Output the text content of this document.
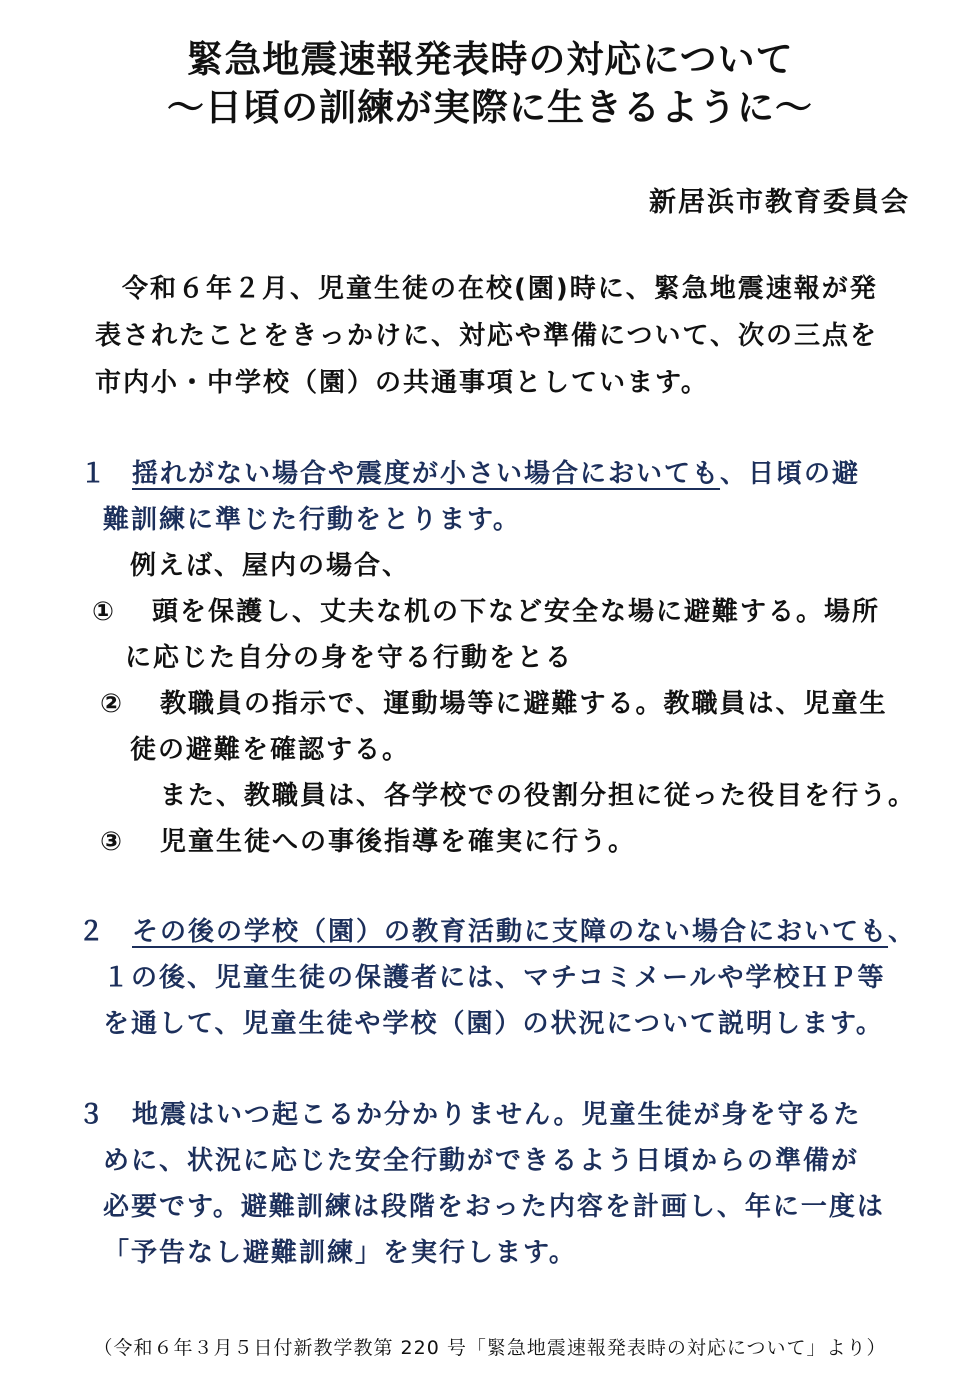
緊急地震速報発表時の対応について
～日頃の訓練が実際に生きるように～
新居浜市教育委員会
令和６年２月、児童生徒の在校(園)時に、緊急地震速報が発
表されたことをきっかけに、対応や準備について、次の三点を
市内小・中学校（園）の共通事項としています。
１ 揺れがない場合や震度が小さい場合においても、日頃の避
難訓練に準じた行動をとります。
例えば、屋内の場合、
① 頭を保護し、丈夫な机の下など安全な場に避難する。場所
に応じた自分の身を守る行動をとる
② 教職員の指示で、運動場等に避難する。教職員は、児童生
徒の避難を確認する。
また、教職員は、各学校での役割分担に従った役目を行う。
③ 児童生徒への事後指導を確実に行う。
２ その後の学校（園）の教育活動に支障のない場合においても、
１の後、児童生徒の保護者には、マチコミメールや学校ＨＰ等
を通して、児童生徒や学校（園）の状況について説明します。
３ 地震はいつ起こるか分かりません。児童生徒が身を守るた
めに、状況に応じた安全行動ができるよう日頃からの準備が
必要です。避難訓練は段階をおった内容を計画し、年に一度は
「予告なし避難訓練」を実行します。
（令和６年３月５日付新教学教第 220 号「緊急地震速報発表時の対応について」より）
